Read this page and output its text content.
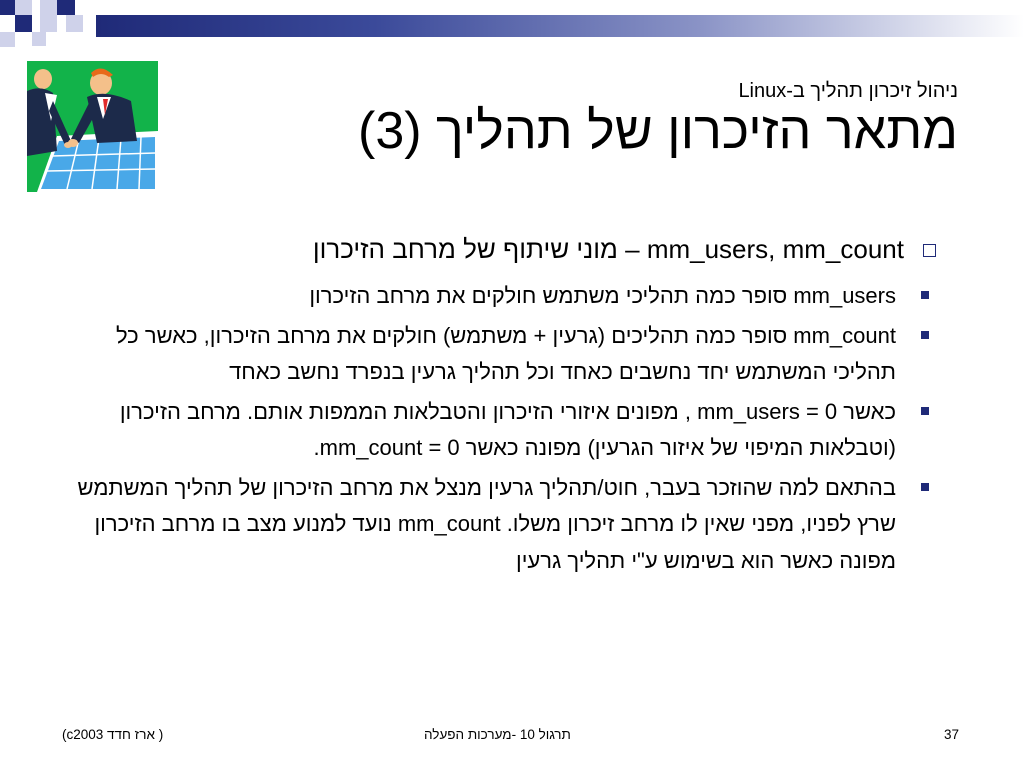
ניהול זיכרון תהליך ב-Linux
מתאר הזיכרון של תהליך (3)
mm_users, mm_count – מוני שיתוף של מרחב הזיכרון
mm_users סופר כמה תהליכי משתמש חולקים את מרחב הזיכרון
mm_count סופר כמה תהליכים (גרעין + משתמש) חולקים את מרחב הזיכרון, כאשר כל תהליכי המשתמש יחד נחשבים כאחד וכל תהליך גרעין בנפרד נחשב כאחד
כאשר mm_users = 0 , מפונים איזורי הזיכרון והטבלאות הממפות אותם. מרחב הזיכרון (וטבלאות המיפוי של איזור הגרעין) מפונה כאשר mm_count = 0.
בהתאם למה שהוזכר בעבר, חוט/תהליך גרעין מנצל את מרחב הזיכרון של תהליך המשתמש שרץ לפניו, מפני שאין לו מרחב זיכרון משלו. mm_count נועד למנוע מצב בו מרחב הזיכרון מפונה כאשר הוא בשימוש ע"י תהליך גרעין
(c2003 ארז חדד )	תרגול 10 -מערכות הפעלה	37
